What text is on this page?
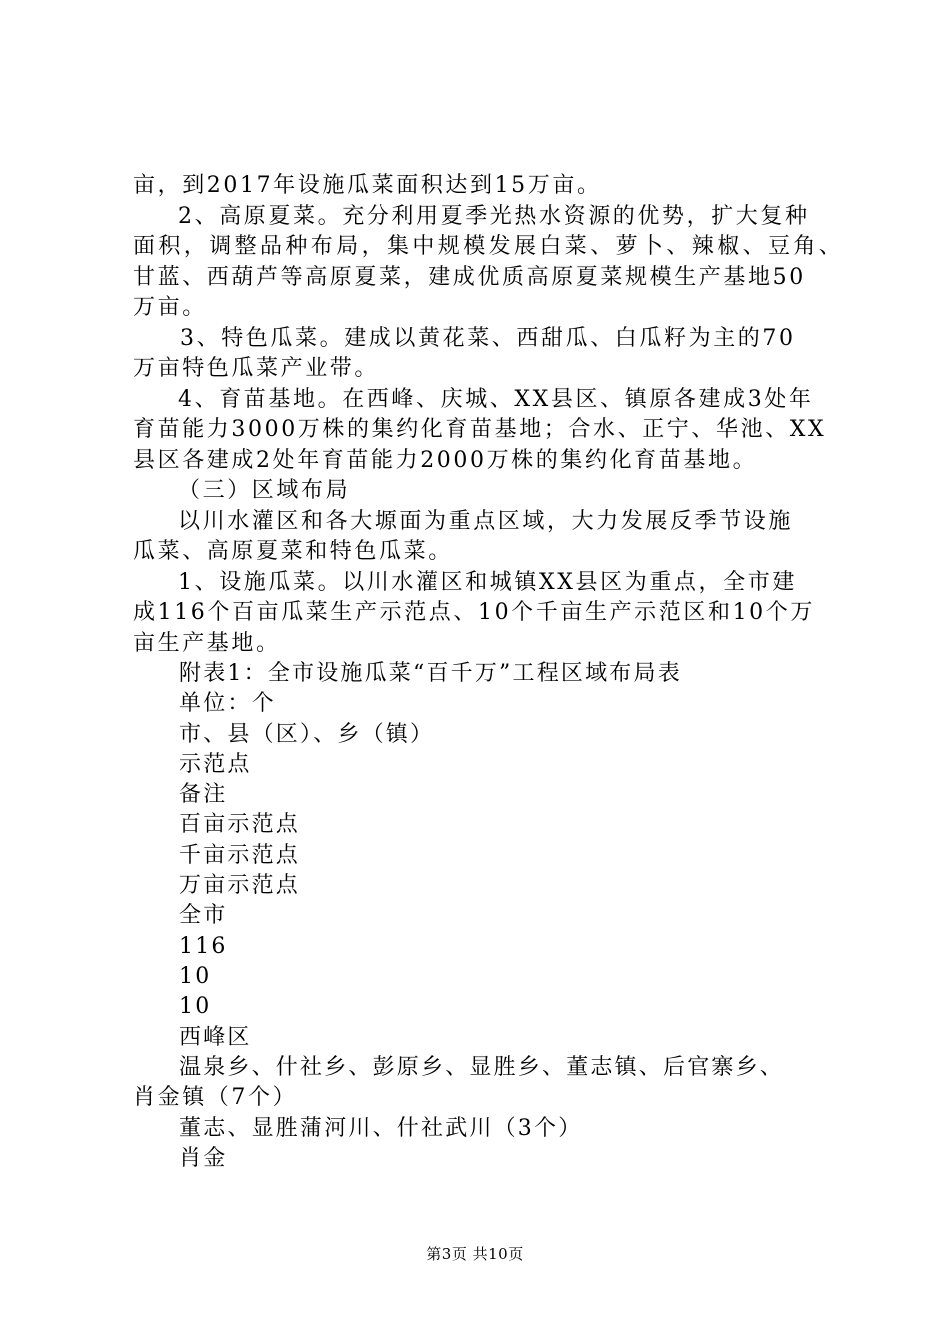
亩，到2017年设施瓜菜面积达到15万亩。
2、高原夏菜。充分利用夏季光热水资源的优势，扩大复种
面积，调整品种布局，集中规模发展白菜、萝卜、辣椒、豆角、
甘蓝、西葫芦等高原夏菜，建成优质高原夏菜规模生产基地50
万亩。
3、特色瓜菜。建成以黄花菜、西甜瓜、白瓜籽为主的70
万亩特色瓜菜产业带。
4、育苗基地。在西峰、庆城、XX县区、镇原各建成3处年
育苗能力3000万株的集约化育苗基地；合水、正宁、华池、XX
县区各建成2处年育苗能力2000万株的集约化育苗基地。
（三）区域布局
以川水灌区和各大塬面为重点区域，大力发展反季节设施
瓜菜、高原夏菜和特色瓜菜。
1、设施瓜菜。以川水灌区和城镇XX县区为重点，全市建
成116个百亩瓜菜生产示范点、10个千亩生产示范区和10个万
亩生产基地。
附表1：全市设施瓜菜“百千万”工程区域布局表
单位：个
市、县（区）、乡（镇）
示范点
备注
百亩示范点
千亩示范点
万亩示范点
全市
116
10
10
西峰区
温泉乡、什社乡、彭原乡、显胜乡、董志镇、后官寨乡、
肖金镇（7个）
董志、显胜蒲河川、什社武川（3个）
肖金
第3页 共10页
